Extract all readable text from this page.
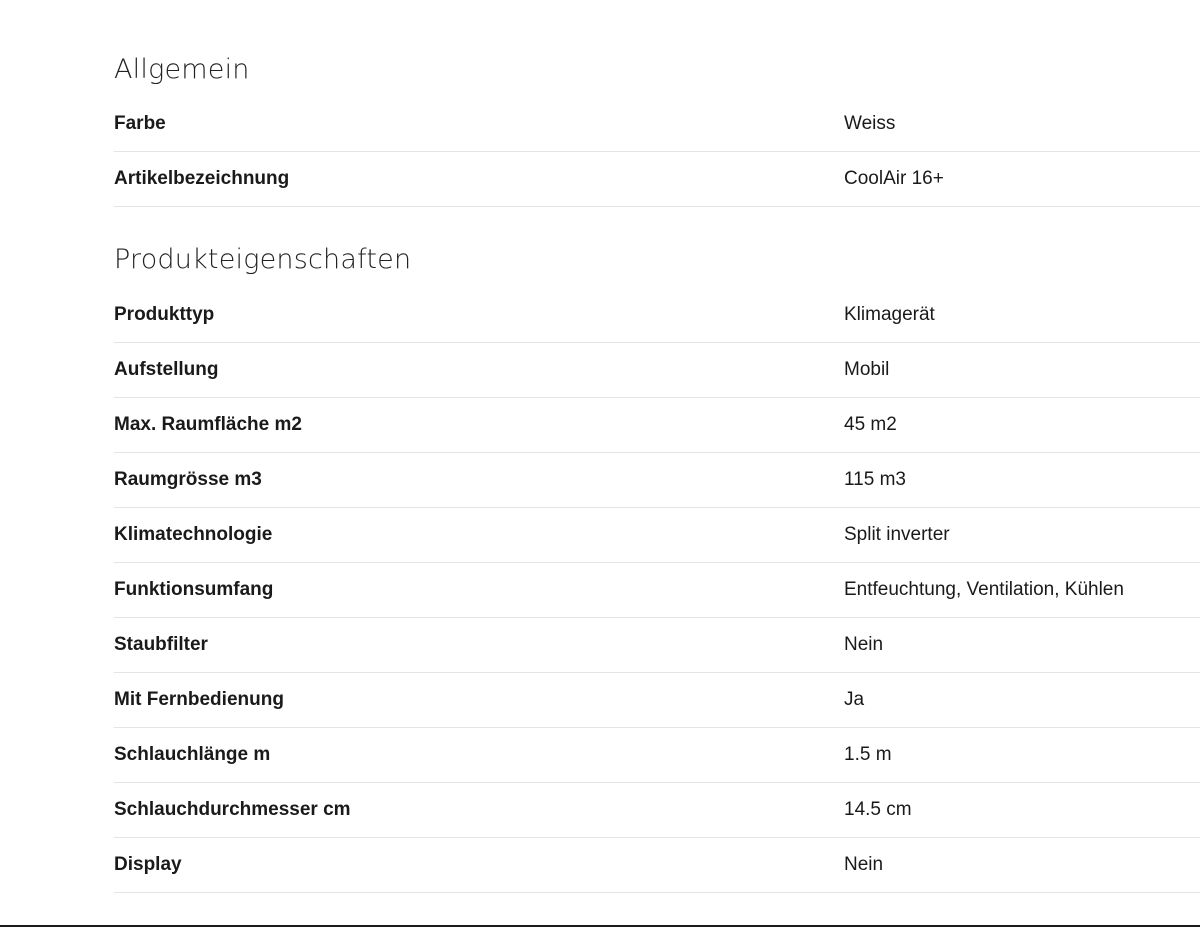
Allgemein
Farbe	Weiss
Artikelbezeichnung	CoolAir 16+
Produkteigenschaften
Produkttyp	Klimagerät
Aufstellung	Mobil
Max. Raumfläche m2	45 m2
Raumgrösse m3	115 m3
Klimatechnologie	Split inverter
Funktionsumfang	Entfeuchtung, Ventilation, Kühlen
Staubfilter	Nein
Mit Fernbedienung	Ja
Schlauchlänge m	1.5 m
Schlauchdurchmesser cm	14.5 cm
Display	Nein
